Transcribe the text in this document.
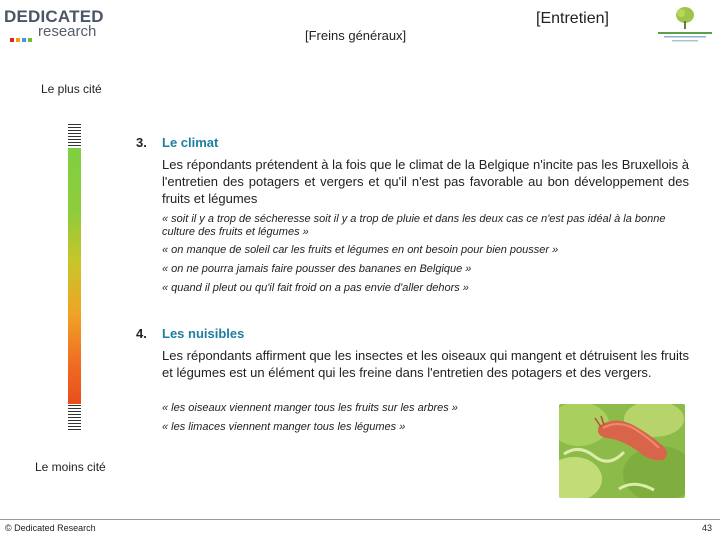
DEDICATED
research	[Freins généraux]
[Entretien]
Le plus cité
Le moins cité
3. Le climat
Les répondants prétendent à la fois que le climat de la Belgique n'incite pas les Bruxellois à l'entretien des potagers et vergers et qu'il n'est pas favorable au bon développement des fruits et légumes
« soit il y a trop de sécheresse soit il y a trop de pluie et dans les deux cas ce n'est pas idéal à la bonne culture des fruits et légumes »
« on manque de soleil car les fruits et légumes en ont besoin pour bien pousser »
« on ne pourra jamais faire pousser des bananes en Belgique »
« quand il pleut ou qu'il fait froid on a pas envie d'aller dehors »
4. Les nuisibles
Les répondants affirment que les insectes et les oiseaux qui mangent et détruisent les fruits et légumes est un élément qui les freine dans l'entretien des potagers et des vergers.
« les oiseaux viennent manger tous les fruits sur les arbres »
« les limaces viennent manger tous les légumes »
© Dedicated Research	43
